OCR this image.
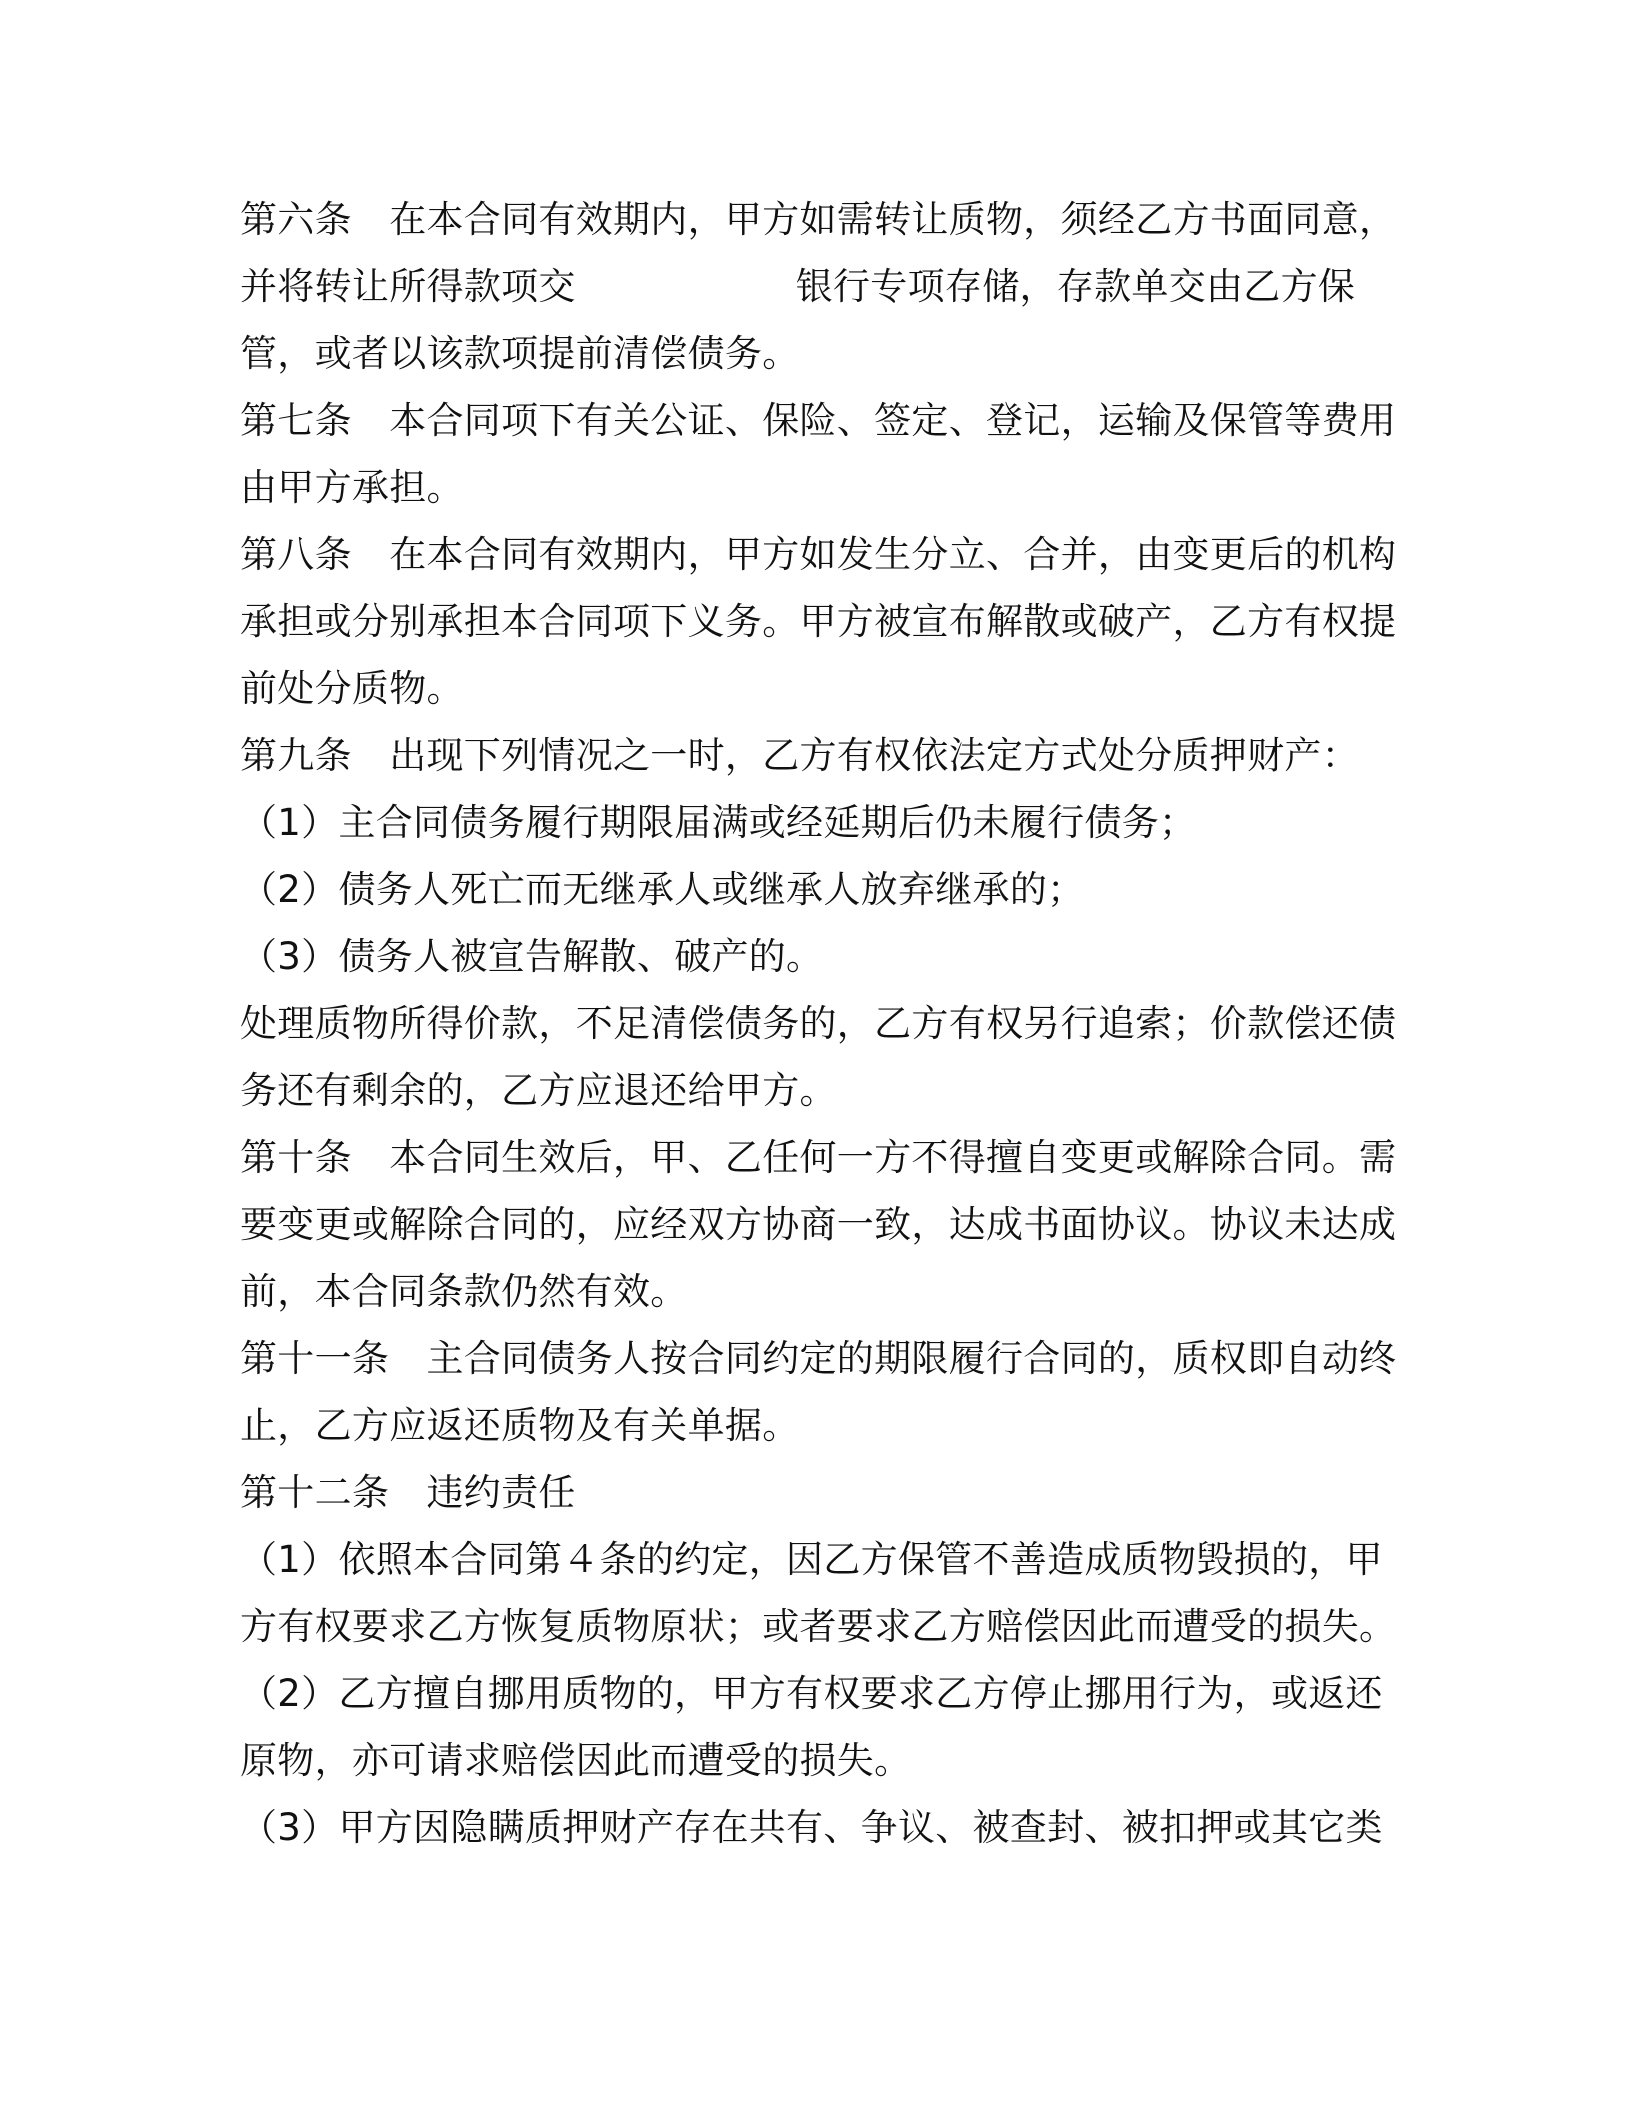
第六条　在本合同有效期内，甲方如需转让质物，须经乙方书面同意，
并将转让所得款项交	银行专项存储，存款单交由乙方保
管，或者以该款项提前清偿债务。
第七条　本合同项下有关公证、保险、签定、登记，运输及保管等费用
由甲方承担。
第八条　在本合同有效期内，甲方如发生分立、合并，由变更后的机构
承担或分别承担本合同项下义务。甲方被宣布解散或破产，乙方有权提
前处分质物。
第九条　出现下列情况之一时，乙方有权依法定方式处分质押财产：
（1）主合同债务履行期限届满或经延期后仍未履行债务；
（2）债务人死亡而无继承人或继承人放弃继承的；
（3）债务人被宣告解散、破产的。
处理质物所得价款，不足清偿债务的，乙方有权另行追索；价款偿还债
务还有剩余的，乙方应退还给甲方。
第十条　本合同生效后，甲、乙任何一方不得擅自变更或解除合同。需
要变更或解除合同的，应经双方协商一致，达成书面协议。协议未达成
前，本合同条款仍然有效。
第十一条　主合同债务人按合同约定的期限履行合同的，质权即自动终
止，乙方应返还质物及有关单据。
第十二条　违约责任
（1）依照本合同第４条的约定，因乙方保管不善造成质物毁损的，甲
方有权要求乙方恢复质物原状；或者要求乙方赔偿因此而遭受的损失。
（2）乙方擅自挪用质物的，甲方有权要求乙方停止挪用行为，或返还
原物，亦可请求赔偿因此而遭受的损失。
（3）甲方因隐瞒质押财产存在共有、争议、被查封、被扣押或其它类
